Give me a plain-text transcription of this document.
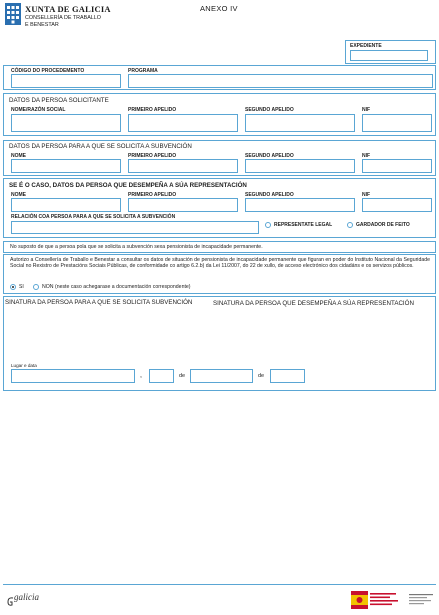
XUNTA DE GALICIA
CONSELLERÍA DE TRABALLO
E BENESTAR
ANEXO IV
EXPEDIENTE
CÓDIGO DO PROCEDEMENTO	PROGRAMA
DATOS DA PERSOA SOLICITANTE
NOME/RAZÓN SOCIAL	PRIMEIRO APELIDO	SEGUNDO APELIDO	NIF
DATOS DA PERSOA PARA A QUE SE SOLICITA A SUBVENCIÓN
NOME	PRIMEIRO APELIDO	SEGUNDO APELIDO	NIF
SE É O CASO, DATOS DA PERSOA QUE DESEMPEÑA A SÚA REPRESENTACIÓN
NOME	PRIMEIRO APELIDO	SEGUNDO APELIDO	NIF
RELACIÓN COA PERSOA PARA A QUE SE SOLICITA A SUBVENCIÓN
REPRESENTATE LEGAL	GARDADOR DE FEITO
No suposto de que a persoa pola que se solicita a subvención sexa pensionista de incapacidade permanente.
Autorizo a Consellería de Traballo e Benestar a consultar os datos de situación de pensionista de incapacidade permanente que figuran en poder do Instituto Nacional da Seguridade Social no Rexistro de Prestacións Sociais Públicas, de conformidade co artigo 6.2.b) da Lei 11/2007, do 22 de xullo, de acceso electrónico dos cidadáns e os servizos públicos.
SI	NON (neste caso achegarase a documentación correspondente)
SINATURA DA PERSOA PARA A QUE SE SOLICITA SUBVENCIÓN	SINATURA DA PERSOA QUE DESEMPEÑA A SÚA REPRESENTACIÓN
Lugar e data
,	de	de
galicia
